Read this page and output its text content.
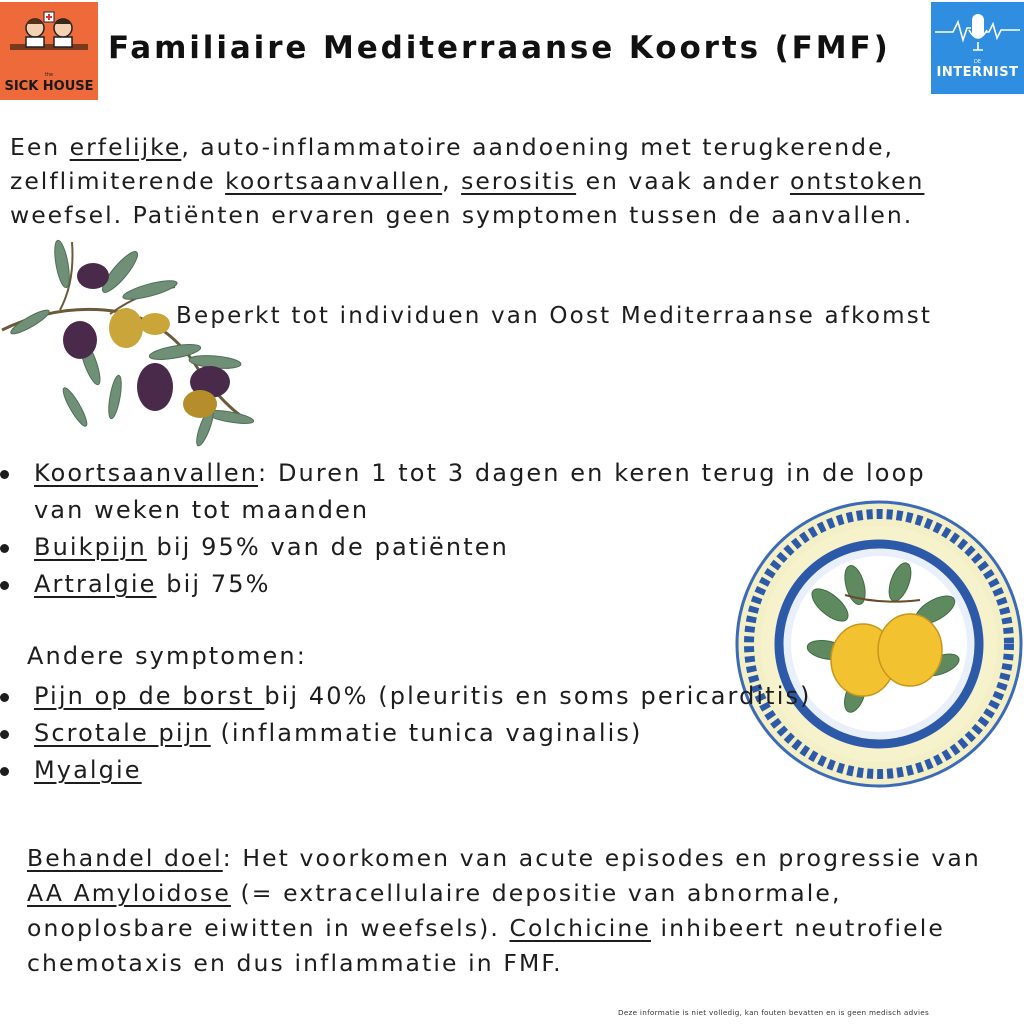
the
SICK HOUSE
Familiaire Mediterraanse Koorts (FMF)	DE
INTERNIST
Een erfelijke, auto-inflammatoire aandoening met terugkerende, zelflimiterende koortsaanvallen, serositis en vaak ander ontstoken weefsel. Patiënten ervaren geen symptomen tussen de aanvallen.
Beperkt tot individuen van Oost Mediterraanse afkomst
Koortsaanvallen: Duren 1 tot 3 dagen en keren terug in de loop van weken tot maanden
Buikpijn bij 95% van de patiënten
Artralgie bij 75%
Andere symptomen:
Pijn op de borst bij 40% (pleuritis en soms pericarditis)
Scrotale pijn (inflammatie tunica vaginalis)
Myalgie
Behandel doel: Het voorkomen van acute episodes en progressie van AA Amyloidose (= extracellulaire depositie van abnormale, onoplosbare eiwitten in weefsels). Colchicine inhibeert neutrofiele chemotaxis en dus inflammatie in FMF.
Deze informatie is niet volledig, kan fouten bevatten en is geen medisch advies
